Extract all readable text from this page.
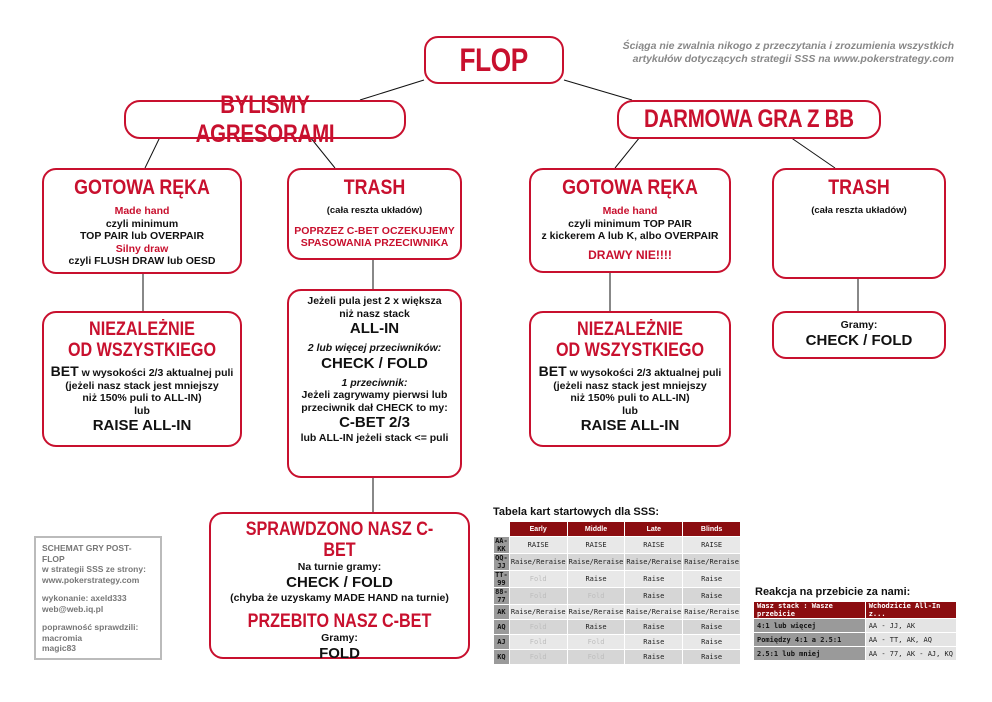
Ściąga nie zwalnia nikogo z przeczytania i zrozumienia wszystkich artykułów dotyczących strategii SSS na www.pokerstrategy.com
FLOP
BYLISMY AGRESORAMI
DARMOWA GRA Z BB
GOTOWA RĘKA
Made hand
czyli minimum
TOP PAIR lub OVERPAIR
Silny draw
czyli FLUSH DRAW lub OESD
TRASH
(cała reszta układów)
POPRZEZ C-BET OCZEKUJEMY
SPASOWANIA PRZECIWNIKA
NIEZALEŻNIE
OD WSZYSTKIEGO
BET w wysokości 2/3 aktualnej puli
(jeżeli nasz stack jest mniejszy
niż 150% puli to ALL-IN)
lub
RAISE ALL-IN
Jeżeli pula jest 2 x większa
niż nasz stack
ALL-IN
2 lub więcej przeciwników:
CHECK / FOLD
1 przeciwnik:
Jeżeli zagrywamy pierwsi lub
przeciwnik dał CHECK to my:
C-BET 2/3
lub ALL-IN jeżeli stack <= puli
SPRAWDZONO NASZ C-BET
Na turnie gramy:
CHECK / FOLD
(chyba że uzyskamy MADE HAND na turnie)
PRZEBITO NASZ C-BET
Gramy:
FOLD
GOTOWA RĘKA
Made hand
czyli minimum TOP PAIR
z kickerem A lub K, albo OVERPAIR
DRAWY NIE!!!!
TRASH
(cała reszta układów)
NIEZALEŻNIE
OD WSZYSTKIEGO
BET w wysokości 2/3 aktualnej puli
(jeżeli nasz stack jest mniejszy
niż 150% puli to ALL-IN)
lub
RAISE ALL-IN
Gramy:
CHECK / FOLD
SCHEMAT GRY POST-FLOP
w strategii SSS ze strony:
www.pokerstrategy.com
wykonanie: axeld333
web@web.iq.pl
poprawność sprawdzili:
macromia
magic83
Tabela kart startowych dla SSS:
	Early	Middle	Late	Blinds
AA-KK	RAISE	RAISE	RAISE	RAISE
QQ-JJ	Raise/Reraise	Raise/Reraise	Raise/Reraise	Raise/Reraise
TT-99	Fold	Raise	Raise	Raise
88-77	Fold	Fold	Raise	Raise
AK	Raise/Reraise	Raise/Reraise	Raise/Reraise	Raise/Reraise
AQ	Fold	Raise	Raise	Raise
AJ	Fold	Fold	Raise	Raise
KQ	Fold	Fold	Raise	Raise
Reakcja na przebicie za nami:
Wasz stack : Wasze przebicie	Wchodzicie All-In z...
4:1 lub więcej	AA - JJ, AK
Pomiędzy 4:1 a 2.5:1	AA - TT, AK, AQ
2.5:1 lub mniej	AA - 77, AK - AJ, KQ
